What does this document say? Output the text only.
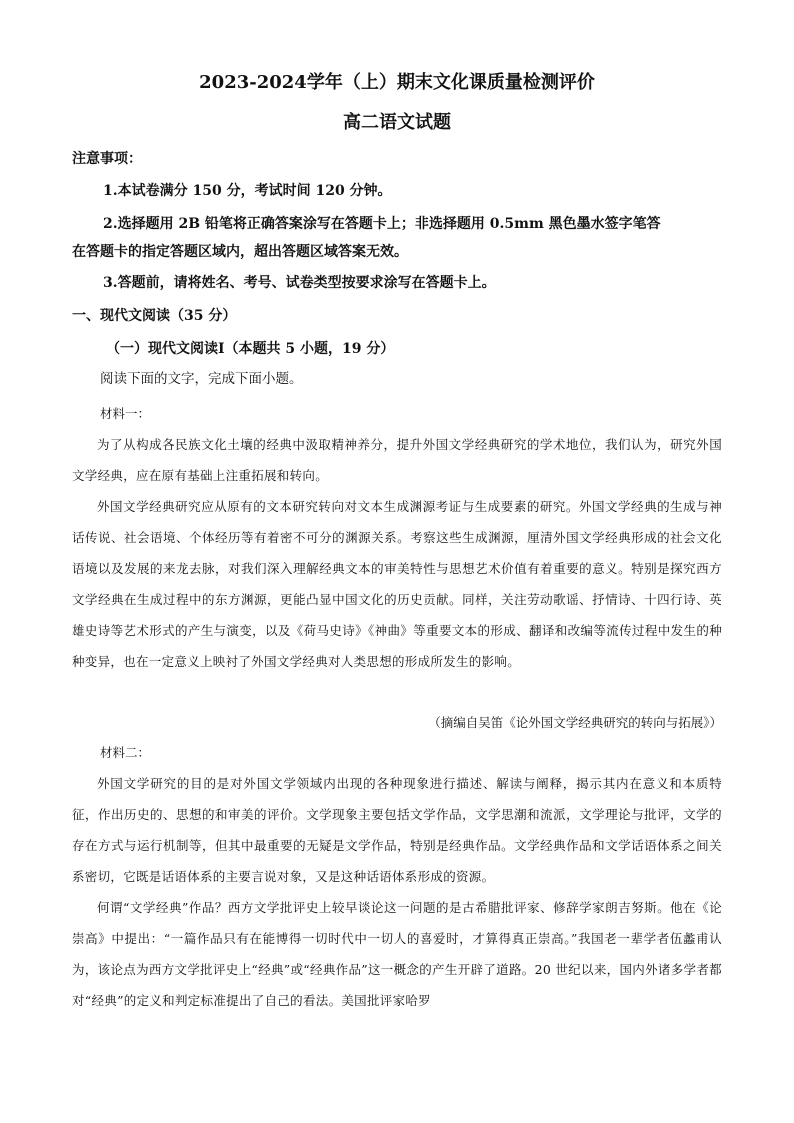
2023-2024学年（上）期末文化课质量检测评价
高二语文试题
注意事项：
1.本试卷满分 150 分，考试时间 120 分钟。
2.选择题用 2B 铅笔将正确答案涂写在答题卡上；非选择题用 0.5mm 黑色墨水签字笔答
在答题卡的指定答题区域内，超出答题区域答案无效。
3.答题前，请将姓名、考号、试卷类型按要求涂写在答题卡上。
一、现代文阅读（35 分）
（一）现代文阅读Ⅰ（本题共 5 小题，19 分）
阅读下面的文字，完成下面小题。
材料一：
为了从构成各民族文化土壤的经典中汲取精神养分，提升外国文学经典研究的学术地位，我们认为，研究外国文学经典，应在原有基础上注重拓展和转向。
外国文学经典研究应从原有的文本研究转向对文本生成渊源考证与生成要素的研究。外国文学经典的生成与神话传说、社会语境、个体经历等有着密不可分的渊源关系。考察这些生成渊源，厘清外国文学经典形成的社会文化语境以及发展的来龙去脉，对我们深入理解经典文本的审美特性与思想艺术价值有着重要的意义。特别是探究西方文学经典在生成过程中的东方渊源，更能凸显中国文化的历史贡献。同样，关注劳动歌谣、抒情诗、十四行诗、英雄史诗等艺术形式的产生与演变，以及《荷马史诗》《神曲》等重要文本的形成、翻译和改编等流传过程中发生的种种变异，也在一定意义上映衬了外国文学经典对人类思想的形成所发生的影响。
（摘编自吴笛《论外国文学经典研究的转向与拓展》）
材料二：
外国文学研究的目的是对外国文学领域内出现的各种现象进行描述、解读与阐释，揭示其内在意义和本质特征，作出历史的、思想的和审美的评价。文学现象主要包括文学作品，文学思潮和流派，文学理论与批评，文学的存在方式与运行机制等，但其中最重要的无疑是文学作品，特别是经典作品。文学经典作品和文学话语体系之间关系密切，它既是话语体系的主要言说对象，又是这种话语体系形成的资源。
何谓“文学经典”作品？西方文学批评史上较早谈论这一问题的是古希腊批评家、修辞学家朗吉努斯。他在《论崇高》中提出：“一篇作品只有在能博得一切时代中一切人的喜爱时，才算得真正崇高。”我国老一辈学者伍蠡甫认为，该论点为西方文学批评史上“经典”或“经典作品”这一概念的产生开辟了道路。20 世纪以来，国内外诸多学者都对“经典”的定义和判定标准提出了自己的看法。美国批评家哈罗
